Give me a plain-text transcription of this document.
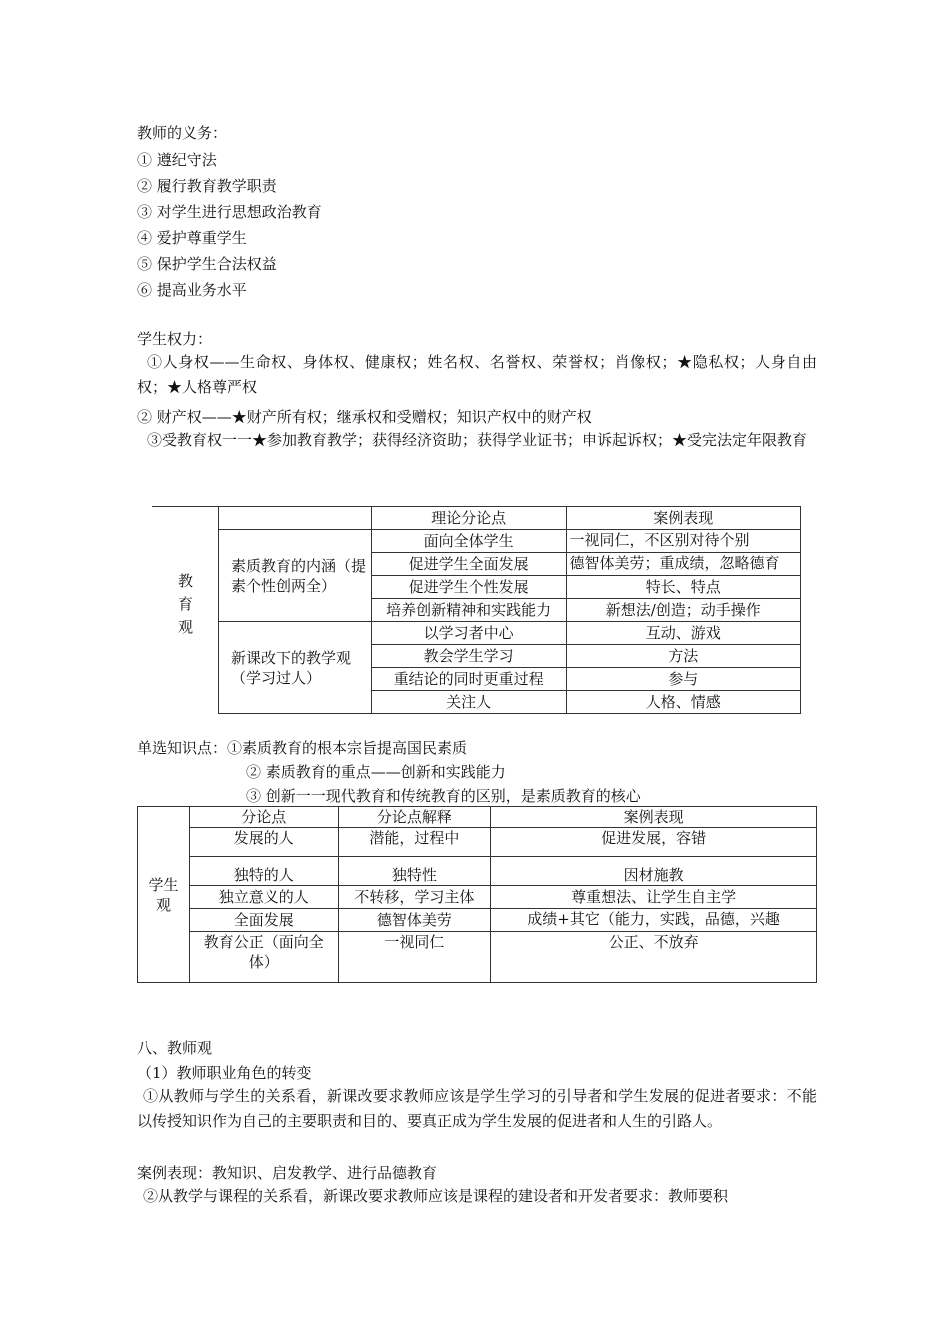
教师的义务：
① 遵纪守法
② 履行教育教学职责
③ 对学生进行思想政治教育
④ 爱护尊重学生
⑤ 保护学生合法权益
⑥ 提高业务水平
学生权力：
①人身权——生命权、身体权、健康权；姓名权、名誉权、荣誉权；肖像权；★隐私权；人身自由权；★人格尊严权
② 财产权——★财产所有权；继承权和受赠权；知识产权中的财产权
③受教育权一一★参加教育教学；获得经济资助；获得学业证书；申诉起诉权；★受完法定年限教育
教育观		理论分论点	案例表现
	素质教育的内涵（提素个性创两全）	面向全体学生	一视同仁，不区别对待个别
		促进学生全面发展	德智体美劳；重成绩，忽略德育
		促进学生个性发展	特长、特点
		培养创新精神和实践能力	新想法/创造；动手操作
	新课改下的教学观（学习过人）	以学习者中心	互动、游戏
		教会学生学习	方法
		重结论的同时更重过程	参与
		关注人	人格、情感
单选知识点：①素质教育的根本宗旨提高国民素质
② 素质教育的重点——创新和实践能力
③ 创新一一现代教育和传统教育的区别，是素质教育的核心
学生观	分论点	分论点解释	案例表现
	发展的人	潜能，过程中	促进发展，容错
	独特的人	独特性	因材施教
	独立意义的人	不转移，学习主体	尊重想法、让学生自主学
	全面发展	德智体美劳	成绩+其它（能力，实践，品德，兴趣
	教育公正（面向全体）	一视同仁	公正、不放弃
八、教师观
（1）教师职业角色的转变
①从教师与学生的关系看，新课改要求教师应该是学生学习的引导者和学生发展的促进者要求：不能以传授知识作为自己的主要职责和目的、要真正成为学生发展的促进者和人生的引路人。
案例表现：教知识、启发教学、进行品德教育
②从教学与课程的关系看，新课改要求教师应该是课程的建设者和开发者要求：教师要积
